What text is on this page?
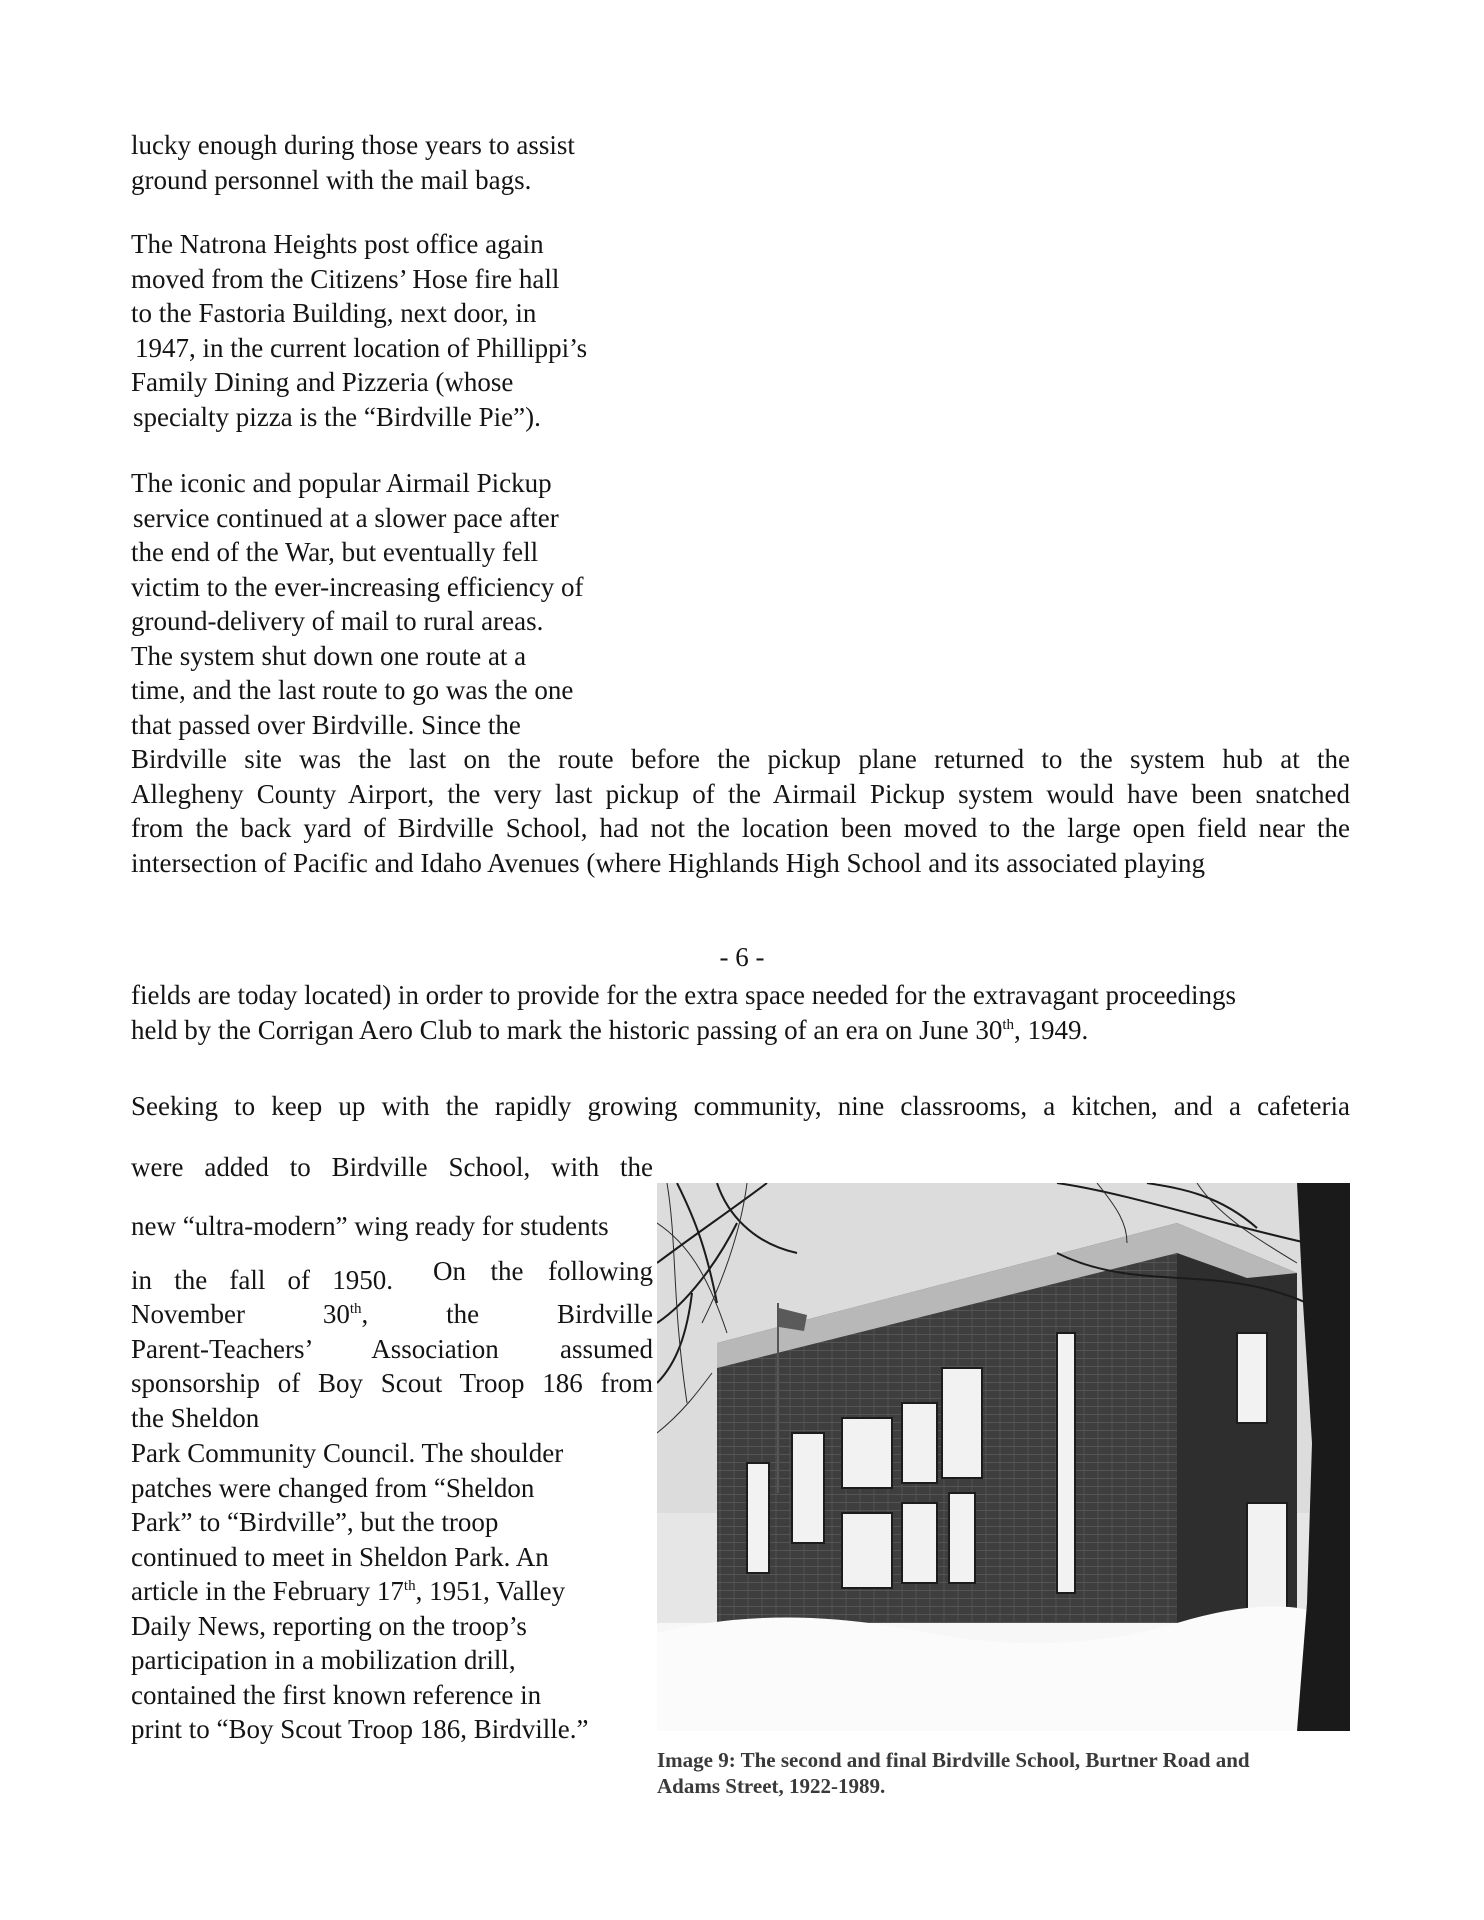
lucky enough during those years to assist
ground personnel with the mail bags.
The Natrona Heights post office again
moved from the Citizens’ Hose fire hall
to the Fastoria Building, next door, in
1947, in the current location of Phillippi’s
Family Dining and Pizzeria (whose
specialty pizza is the “Birdville Pie”).
The iconic and popular Airmail Pickup
service continued at a slower pace after
the end of the War, but eventually fell
victim to the ever-increasing efficiency of
ground-delivery of mail to rural areas.
The system shut down one route at a
time, and the last route to go was the one
that passed over Birdville. Since the
Birdville site was the last on the route before the pickup plane returned to the system hub at the
Allegheny County Airport, the very last pickup of the Airmail Pickup system would have been snatched
from the back yard of Birdville School, had not the location been moved to the large open field near the
intersection of Pacific and Idaho Avenues (where Highlands High School and its associated playing
- 6 -
fields are today located) in order to provide for the extra space needed for the extravagant proceedings
held by the Corrigan Aero Club to mark the historic passing of an era on June 30th, 1949.
Seeking to keep up with the rapidly growing community, nine classrooms, a kitchen, and a cafeteria
were added to Birdville School, with the
new “ultra-modern” wing ready for students
in the fall of 1950. On the following
November 30th, the Birdville
Parent-Teachers’ Association assumed
sponsorship of Boy Scout Troop 186 from
the Sheldon
Park Community Council. The shoulder
patches were changed from “Sheldon
Park” to “Birdville”, but the troop
continued to meet in Sheldon Park. An
article in the February 17th, 1951, Valley
Daily News, reporting on the troop’s
participation in a mobilization drill,
contained the first known reference in
print to “Boy Scout Troop 186, Birdville.”
Image 9: The second and final Birdville School, Burtner Road and
Adams Street, 1922-1989.
